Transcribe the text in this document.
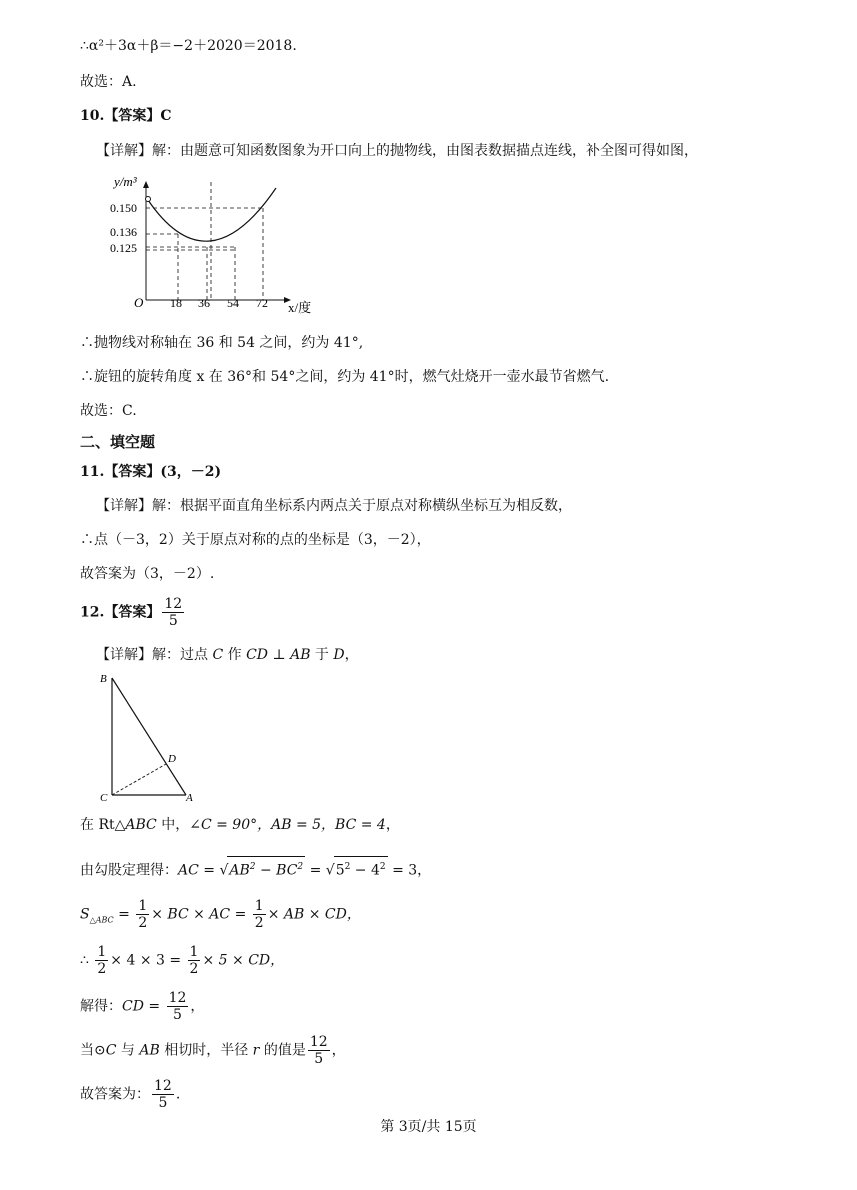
∴α²＋3α＋β＝−2＋2020＝2018.
故选：A.
10.【答案】C
【详解】解：由题意可知函数图象为开口向上的抛物线，由图表数据描点连线，补全图可得如图，
y/m³
0.150
0.136
0.125
O 18 36 54 72 x/度
∴抛物线对称轴在 36 和 54 之间，约为 41°,
∴旋钮的旋转角度 x 在 36°和 54°之间，约为 41°时，燃气灶烧开一壶水最节省燃气.
故选：C.
二、填空题
11.【答案】(3，－2)
【详解】解：根据平面直角坐标系内两点关于原点对称横纵坐标互为相反数，
∴点（－3，2）关于原点对称的点的坐标是（3，－2），
故答案为（3，－2）.
12.【答案】 $\frac{12}{5}$
【详解】解：过点 C 作 CD ⊥ AB 于 D，
B
C	A
D
在 Rt△ABC 中，∠C = 90°，AB = 5，BC = 4，
由勾股定理得：AC = $√AB^2 - BC^2 = √5^2 - 4^2 = 3$，
$S_{\triangle ABC} = \frac{1}{2}$ × BC × AC = $\frac{1}{2}$ × AB × CD，
∴ $\frac{1}{2} \times 4 \times 3 = \frac{1}{2} \times 5$ × CD，
解得：CD = $\frac{12}{5}$ ，
当⊙C 与 AB 相切时，半径 r 的值是 $\frac{12}{5}$ ，
故答案为： $\frac{12}{5}$ .
第 3页/共 15页
